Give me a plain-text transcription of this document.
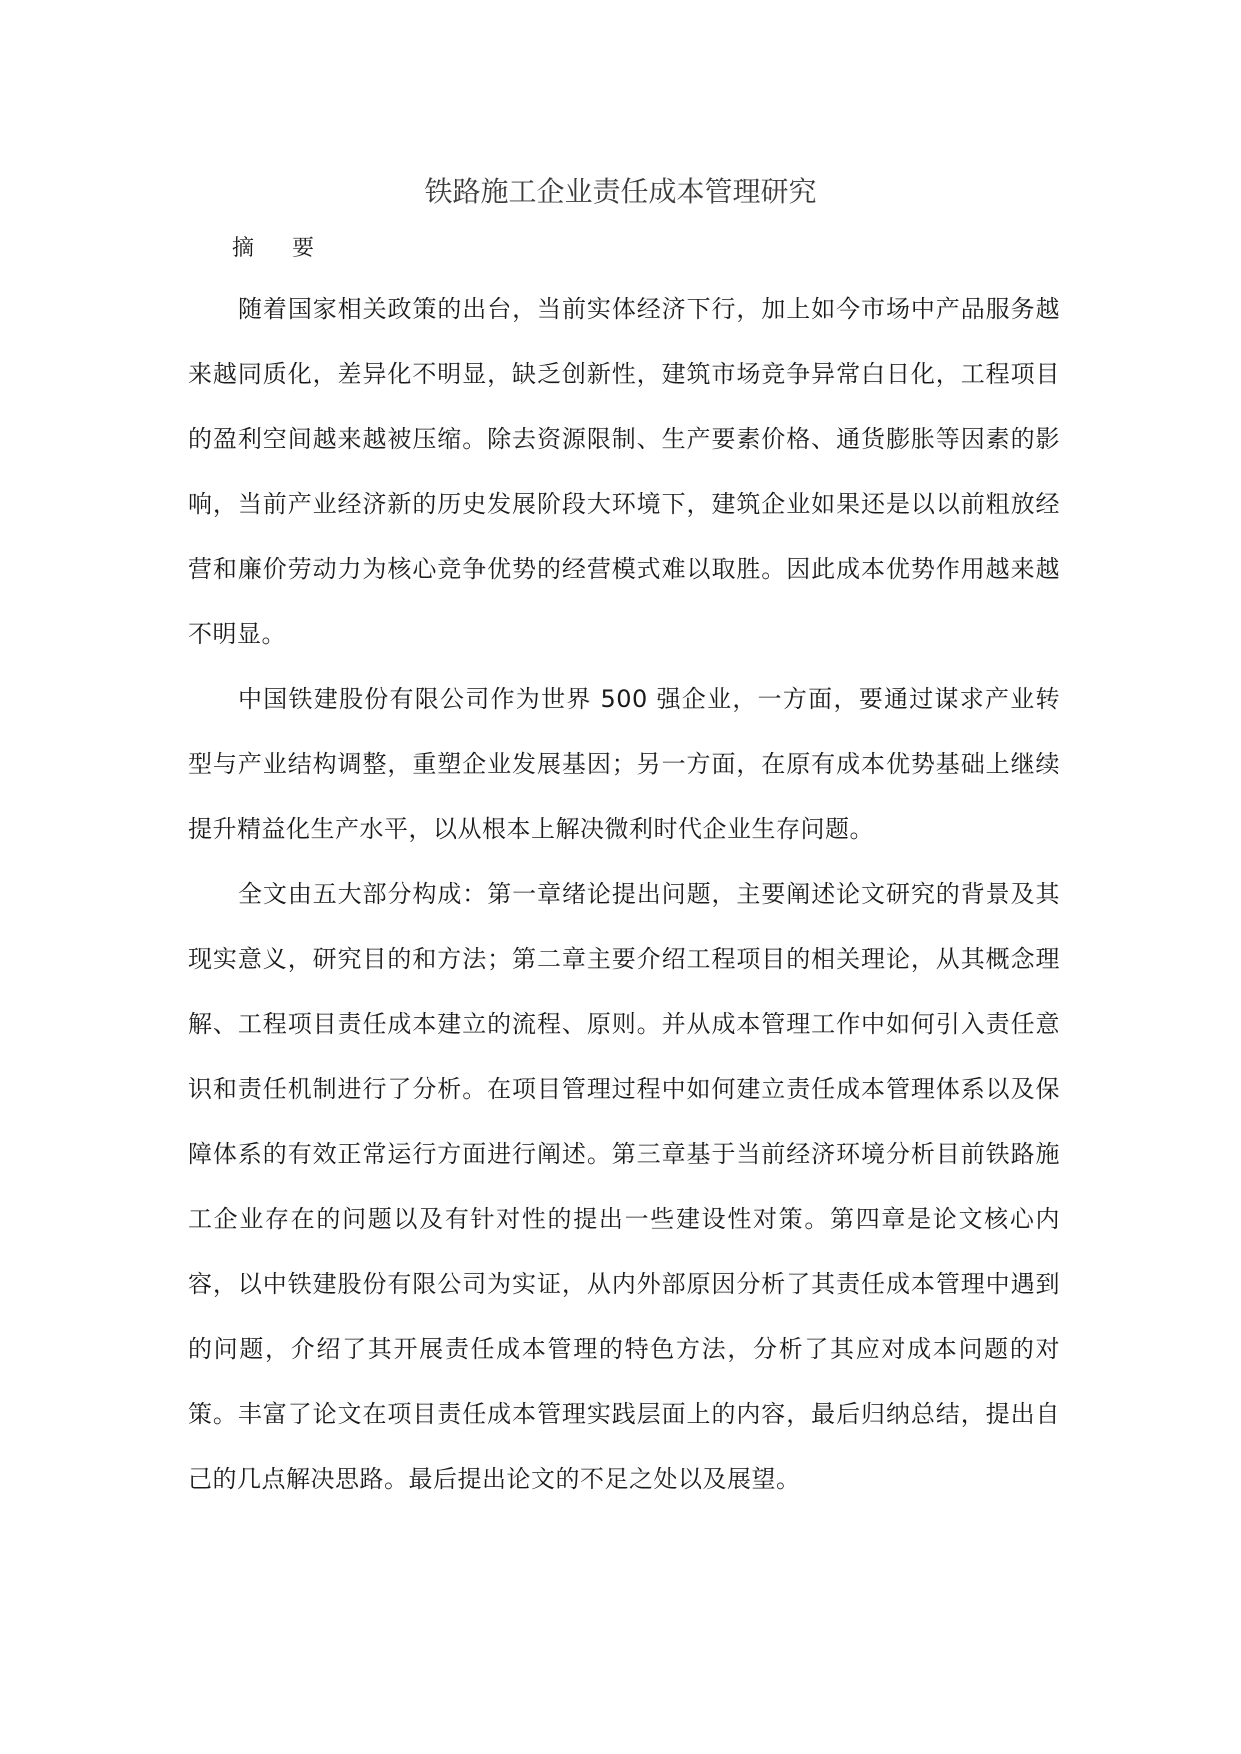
铁路施工企业责任成本管理研究
摘要

随着国家相关政策的出台，当前实体经济下行，加上如今市场中产品服务越来越同质化，差异化不明显，缺乏创新性，建筑市场竞争异常白日化，工程项目的盈利空间越来越被压缩。除去资源限制、生产要素价格、通货膨胀等因素的影响，当前产业经济新的历史发展阶段大环境下，建筑企业如果还是以以前粗放经营和廉价劳动力为核心竞争优势的经营模式难以取胜。因此成本优势作用越来越不明显。

中国铁建股份有限公司作为世界 500 强企业，一方面，要通过谋求产业转型与产业结构调整，重塑企业发展基因；另一方面，在原有成本优势基础上继续提升精益化生产水平，以从根本上解决微利时代企业生存问题。

全文由五大部分构成：第一章绪论提出问题，主要阐述论文研究的背景及其现实意义，研究目的和方法；第二章主要介绍工程项目的相关理论，从其概念理解、工程项目责任成本建立的流程、原则。并从成本管理工作中如何引入责任意识和责任机制进行了分析。在项目管理过程中如何建立责任成本管理体系以及保障体系的有效正常运行方面进行阐述。第三章基于当前经济环境分析目前铁路施工企业存在的问题以及有针对性的提出一些建设性对策。第四章是论文核心内容，以中铁建股份有限公司为实证，从内外部原因分析了其责任成本管理中遇到的问题，介绍了其开展责任成本管理的特色方法，分析了其应对成本问题的对策。丰富了论文在项目责任成本管理实践层面上的内容，最后归纳总结，提出自己的几点解决思路。最后提出论文的不足之处以及展望。
